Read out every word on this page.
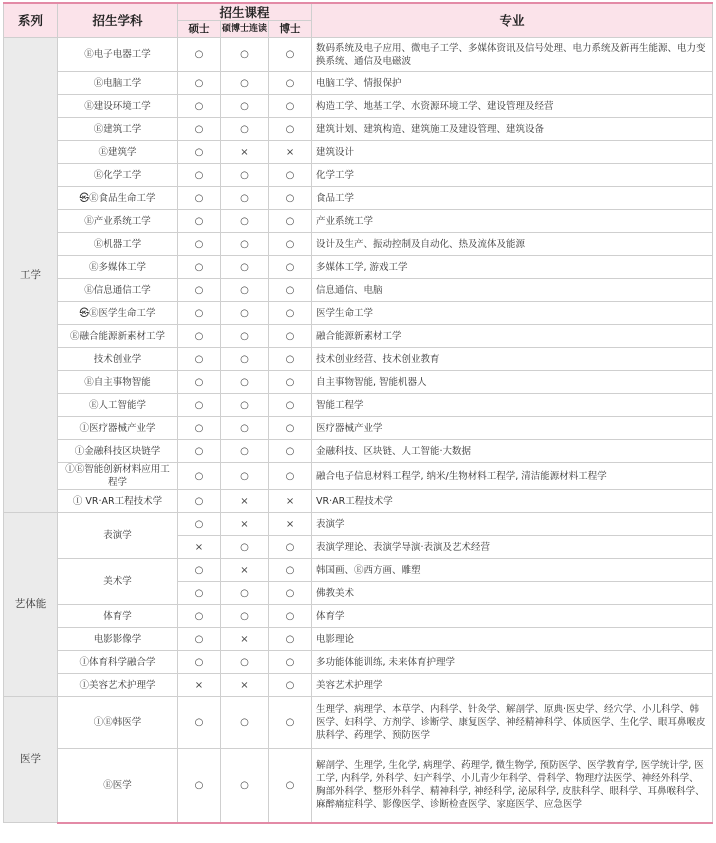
系列	招生学科	招生课程			专业
		硕士	硕博士连读	博士	
工学	Ⓔ电子电器工学	○	○	○	数码系统及电子应用、微电子工学、多媒体资讯及信号处理、电力系统及新再生能源、电力变换系统、通信及电磁波
	Ⓔ电脑工学	○	○	○	电脑工学、情报保护
	Ⓔ建设环境工学	○	○	○	构造工学、地基工学、水资源环境工学、建设管理及经营
	Ⓔ建筑工学	○	○	○	建筑计划、建筑构造、建筑施工及建设管理、建筑设备
	Ⓔ建筑学	○	×	×	建筑设计
	Ⓔ化学工学	○	○	○	化学工学
	㉿Ⓔ食品生命工学	○	○	○	食品工学
	Ⓔ产业系统工学	○	○	○	产业系统工学
	Ⓔ机器工学	○	○	○	设计及生产、振动控制及自动化、热及流体及能源
	Ⓔ多媒体工学	○	○	○	多媒体工学, 游戏工学
	Ⓔ信息通信工学	○	○	○	信息通信、电脑
	㉿Ⓔ医学生命工学	○	○	○	医学生命工学
	Ⓔ融合能源新素材工学	○	○	○	融合能源新素材工学
	技术创业学	○	○	○	技术创业经营、技术创业教育
	Ⓔ自主事物智能	○	○	○	自主事物智能, 智能机器人
	Ⓔ人工智能学	○	○	○	智能工程学
	Ⓘ医疗器械产业学	○	○	○	医疗器械产业学
	Ⓘ金融科技区块链学	○	○	○	金融科技、区块链、人工智能·大数据
	ⒾⒺ智能创新材料应用工程学	○	○	○	融合电子信息材料工程学, 纳米/生物材料工程学, 清洁能源材料工程学
	Ⓘ VR·AR工程技术学	○	×	×	VR·AR工程技术学
艺体能	表演学	○	×	×	表演学
		×	○	○	表演学理论、表演学导演·表演及艺术经营
	美术学	○	×	○	韩国画、Ⓔ西方画、雕塑
		○	○	○	佛教美术
	体育学	○	○	○	体育学
	电影影像学	○	×	○	电影理论
	Ⓘ体育科学融合学	○	○	○	多功能体能训练, 未来体育护理学
	Ⓘ美容艺术护理学	×	×	○	美容艺术护理学
医学	ⒾⒺ韩医学	○	○	○	生理学、病理学、本草学、内科学、针灸学、解剖学、原典·医史学、经穴学、小儿科学、韩医学、妇科学、方剂学、诊断学、康复医学、神经精神科学、体质医学、生化学、眼耳鼻喉皮肤科学、药理学、预防医学
	Ⓔ医学	○	○	○	解剖学、生理学, 生化学, 病理学、药理学, 微生物学, 预防医学、医学教育学, 医学统计学, 医工学, 内科学, 外科学、妇产科学、小儿青少年科学、骨科学、物理疗法医学、神经外科学、胸部外科学、整形外科学、精神科学, 神经科学, 泌尿科学, 皮肤科学、眼科学、耳鼻喉科学、麻醉痛症科学、影像医学、诊断检查医学、家庭医学、应急医学
